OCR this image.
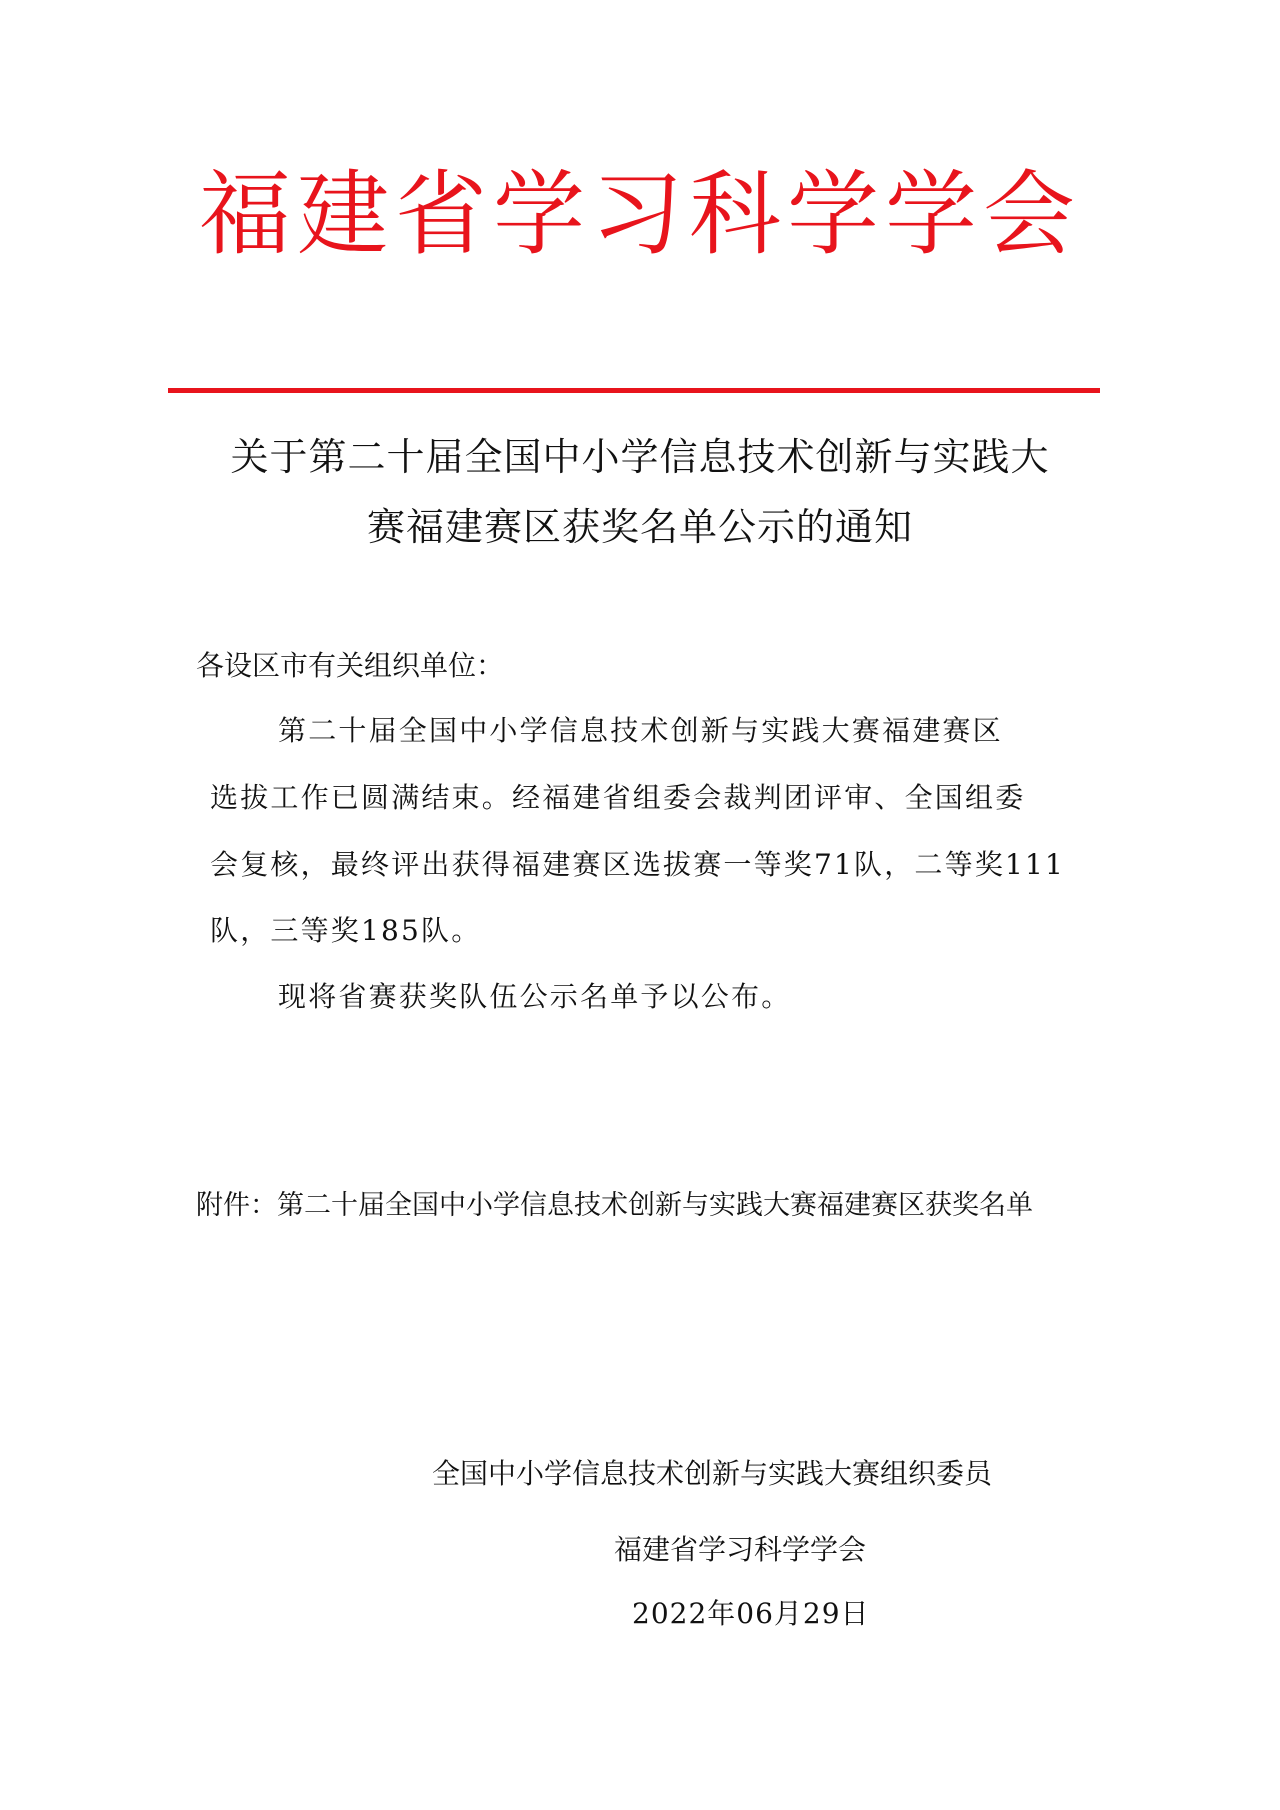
福建省学习科学学会
关于第二十届全国中小学信息技术创新与实践大
赛福建赛区获奖名单公示的通知
各设区市有关组织单位：
第二十届全国中小学信息技术创新与实践大赛福建赛区
选拔工作已圆满结束。经福建省组委会裁判团评审、全国组委
会复核，最终评出获得福建赛区选拔赛一等奖71队，二等奖111
队，三等奖185队。
现将省赛获奖队伍公示名单予以公布。
附件：第二十届全国中小学信息技术创新与实践大赛福建赛区获奖名单
全国中小学信息技术创新与实践大赛组织委员
福建省学习科学学会
2022年06月29日
